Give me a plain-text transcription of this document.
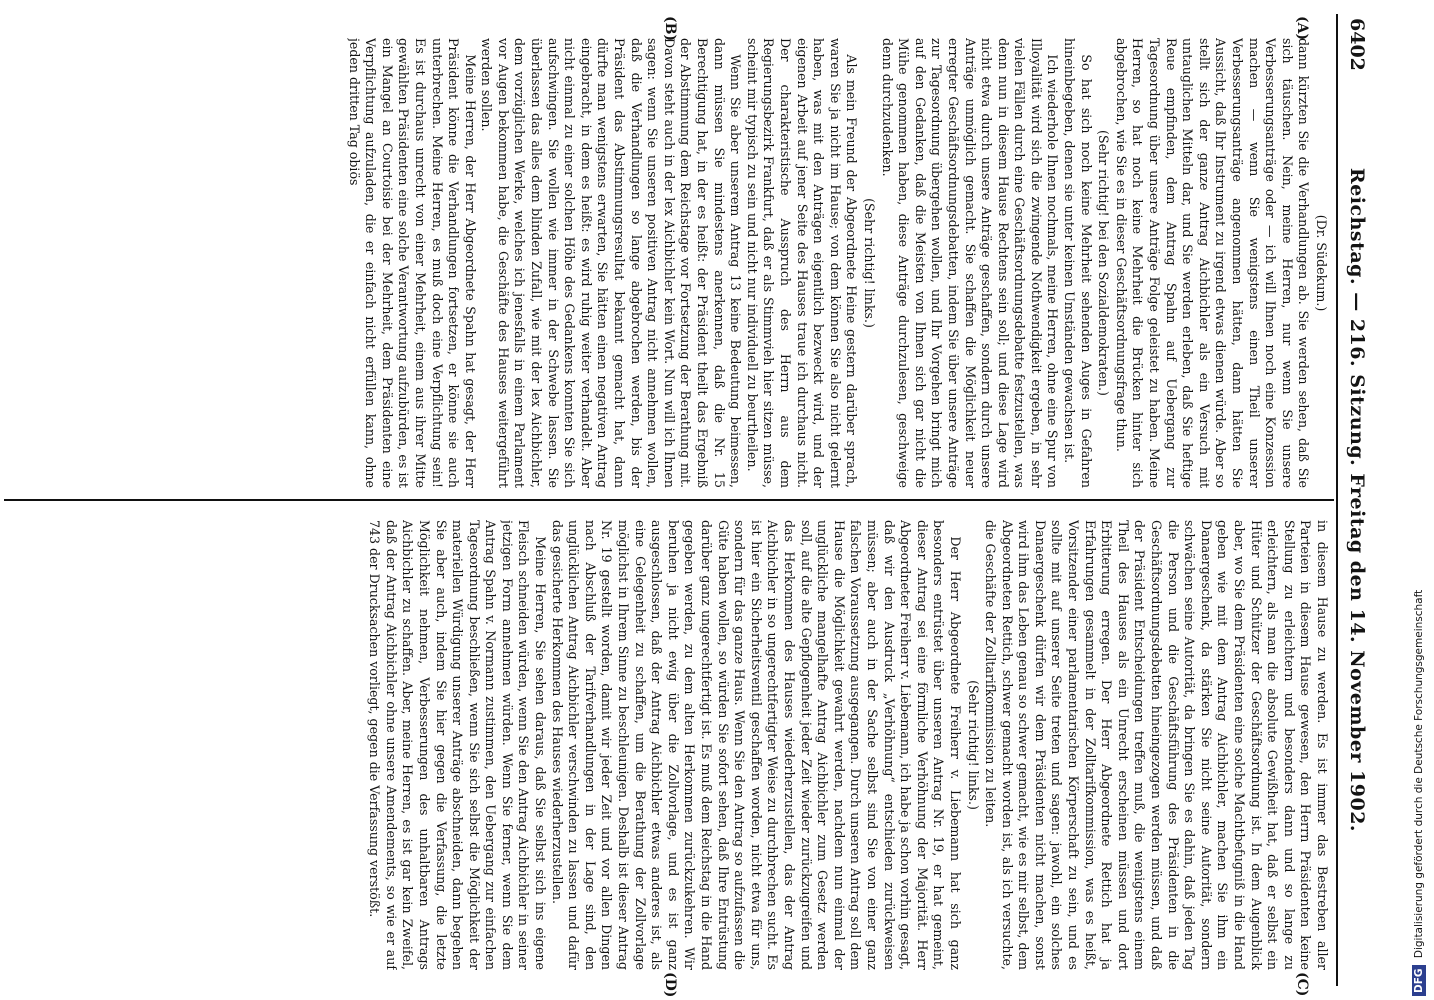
6402
Reichstag. — 216. Sitzung. Freitag den 14. November 1902.
(A)
(B)
(C)
(D)

(Dr. Südekum.)

dann kürzten Sie die Verhandlungen ab. Sie werden sehen, daß Sie sich täuschen. Nein, meine Herren, nur wenn Sie unsere Verbesserungsanträge oder — ich will Ihnen noch eine Konzession machen — wenn Sie wenigstens einen Theil unserer Verbesserungsanträge angenommen hätten, dann hätten Sie Aussicht, daß Ihr Instrument zu irgend etwas dienen würde. Aber so stellt sich der ganze Antrag Aichbichler als ein Versuch mit untauglichen Mitteln dar, und Sie werden erleben, daß Sie heftige Reue empfinden, dem Antrag Spahn auf Uebergang zur Tagesordnung über unsere Anträge Folge geleistet zu haben. Meine Herren, so hat noch keine Mehrheit die Brücken hinter sich abgebrochen, wie Sie es in dieser Geschäftsordnungsfrage thun.

(Sehr richtig! bei den Sozialdemokraten.)

So hat sich noch keine Mehrheit sehenden Auges in Gefahren hineinbegeben, denen sie unter keinen Umständen gewachsen ist.

Ich wiederhole Ihnen nochmals, meine Herren, ohne eine Spur von Illoyalität wird sich die zwingende Nothwendigkeit ergeben, in sehr vielen Fällen durch eine Geschäftsordnungsdebatte festzustellen, was denn nun in diesem Hause Rechtens sein soll; und diese Lage wird nicht etwa durch unsere Anträge geschaffen, sondern durch unsere Anträge unmöglich gemacht. Sie schaffen die Möglichkeit neuer erregter Geschäftsordnungsdebatten, indem Sie über unsere Anträge zur Tagesordnung übergehen wollen, und Ihr Vorgehen bringt mich auf den Gedanken, daß die Meisten von Ihnen sich gar nicht die Mühe genommen haben, diese Anträge durchzulesen, geschweige denn durchzudenken.

(Sehr richtig! links.)

Als mein Freund der Abgeordnete Heine gestern darüber sprach, waren Sie ja nicht im Hause; von dem können Sie also nicht gelernt haben, was mit den Anträgen eigentlich bezweckt wird, und der eigenen Arbeit auf jener Seite des Hauses traue ich durchaus nicht. Der charakteristische Ausspruch des Herrn aus dem Regierungsbezirk Frankfurt, daß er als Stimmvieh hier sitzen müsse, scheint mir typisch zu sein und nicht nur individuell zu beurtheilen.

Wenn Sie aber unserem Antrag 13 keine Bedeutung beimessen, dann müssen Sie mindestens anerkennen, daß die Nr. 15 Berechtigung hat, in der es heißt: der Präsident theilt das Ergebniß der Abstimmung dem Reichstage vor Fortsetzung der Berathung mit. Davon steht auch in der lex Aichbichler kein Wort. Nun will ich Ihnen sagen: wenn Sie unseren positiven Antrag nicht annehmen wollen, daß die Verhandlungen so lange abgebrochen werden, bis der Präsident das Abstimmungsresultat bekannt gemacht hat, dann dürfte man wenigstens erwarten, Sie hätten einen negativen Antrag eingebracht, in dem es heißt: es wird ruhig weiter verhandelt. Aber nicht einmal zu einer solchen Höhe des Gedankens konnten Sie sich aufschwingen. Sie wollen wie immer in der Schwebe lassen. Sie überlassen das alles dem blinden Zufall, wie mit der lex Aichbichler, dem vorzüglichen Werke, welches ich jenesfalls in einem Parlament vor Augen bekommen habe, die Geschäfte des Hauses weitergeführt werden sollen.

Meine Herren, der Herr Abgeordnete Spahn hat gesagt, der Herr Präsident könne die Verhandlungen fortsetzen, er könne sie auch unterbrechen. Meine Herren, es muß doch eine Verpflichtung sein! Es ist durchaus unrecht von einer Mehrheit, einem aus ihrer Mitte gewählten Präsidenten eine solche Verantwortung aufzubürden, es ist ein Mangel an Courtoisie bei der Mehrheit, dem Präsidenten eine Verpflichtung aufzuladen, die er einfach nicht erfüllen kann, ohne jeden dritten Tag obiös

in diesem Hause zu werden. Es ist immer das Bestreben aller Parteien in diesem Hause gewesen, den Herrn Präsidenten keine Stellung zu erleichtern und besonders dann und so lange zu erleichtern, als man die absolute Gewißheit hat, daß er selbst ein Hüter und Schützer der Geschäftsordnung ist. In dem Augenblick aber, wo Sie dem Präsidenten eine solche Machtbefugniß in die Hand geben wie mit dem Antrag Aichbichler, machen Sie ihm ein Danaergeschenk, da stärken Sie nicht seine Autorität, sondern schwächen seine Autorität, da bringen Sie es dahin, daß jeden Tag die Person und die Geschäftsführung des Präsidenten in die Geschäftsordnungsdebatten hineingezogen werden müssen, und daß der Präsident Entscheidungen treffen muß, die wenigstens einem Theil des Hauses als ein Unrecht erscheinen müssen und dort Erbitterung erregen. Der Herr Abgeordnete Rettich hat ja Erfahrungen gesammelt in der Zolltarifkommission, was es heißt, Vorsitzender einer parlamentarischen Körperschaft zu sein, und es sollte mit auf unserer Seite treten und sagen: jawohl, ein solches Danaergeschenk dürfen wir dem Präsidenten nicht machen, sonst wird ihm das Leben genau so schwer gemacht, wie es mir selbst, dem Abgeordneten Rettich, schwer gemacht worden ist, als ich versuchte, die Geschäfte der Zolltarifkommission zu leiten.

(Sehr richtig! links.)

Der Herr Abgeordnete Freiherr v. Liebemann hat sich ganz besonders entrüstet über unseren Antrag Nr. 19, er hat gemeint, dieser Antrag sei eine förmliche Verhöhnung der Majorität. Herr Abgeordneter Freiherr v. Liebemann, ich habe ja schon vorhin gesagt, daß wir den Ausdruck „Verhöhnung“ entschieden zurückweisen müssen; aber auch in der Sache selbst sind Sie von einer ganz falschen Voraussetzung ausgegangen. Durch unseren Antrag soll dem Hause die Möglichkeit gewahrt werden, nachdem nun einmal der unglückliche mangelhafte Antrag Aichbichler zum Gesetz werden soll, auf die alte Gepflogenheit jeder Zeit wieder zurückzugreifen und das Herkommen des Hauses wiederherzustellen, das der Antrag Aichbichler in so ungerechtfertigter Weise zu durchbrechen sucht. Es ist hier ein Sicherheitsventil geschaffen worden, nicht etwa für uns, sondern für das ganze Haus. Wenn Sie den Antrag so aufzufassen die Güte haben wollen, so würden Sie sofort sehen, daß Ihre Entrüstung darüber ganz ungerechtfertigt ist. Es muß dem Reichstag in die Hand gegeben werden, zu dem alten Herkommen zurückzukehren. Wir beruhen ja nicht ewig über die Zollvorlage, und es ist ganz ausgeschlossen, daß der Antrag Aichbichler etwas anderes ist, als eine Gelegenheit zu schaffen, um die Berathung der Zollvorlage möglichst in Ihrem Sinne zu beschleunigen. Deshalb ist dieser Antrag Nr. 19 gestellt worden, damit wir jeder Zeit und vor allen Dingen nach Abschluß der Tarifverhandlungen in der Lage sind, den unglücklichen Antrag Aichbichler verschwinden zu lassen und dafür das gesicherte Herkommen des Hauses wiederherzustellen.

Meine Herren, Sie sehen daraus, daß Sie selbst sich ins eigene Fleisch schneiden würden, wenn Sie den Antrag Aichbichler in seiner jetzigen Form annehmen würden. Wenn Sie ferner, wenn Sie dem Antrag Spahn v. Normann zustimmen, den Uebergang zur einfachen Tagesordnung beschließen, wenn Sie sich selbst die Möglichkeit der materiellen Würdigung unserer Anträge abschneiden, dann begehen Sie aber auch, indem Sie hier gegen die Verfassung, die letzte Möglichkeit nehmen, Verbesserungen des unhaltbaren Antrags Aichbichler zu schaffen. Aber, meine Herren, es ist gar kein Zweifel, daß der Antrag Aichbichler ohne unsere Amendements, so wie er auf 743 der Drucksachen vorliegt, gegen die Verfassung verstößt.

DFG Digitalisierung gefördert durch die Deutsche Forschungsgemeinschaft
